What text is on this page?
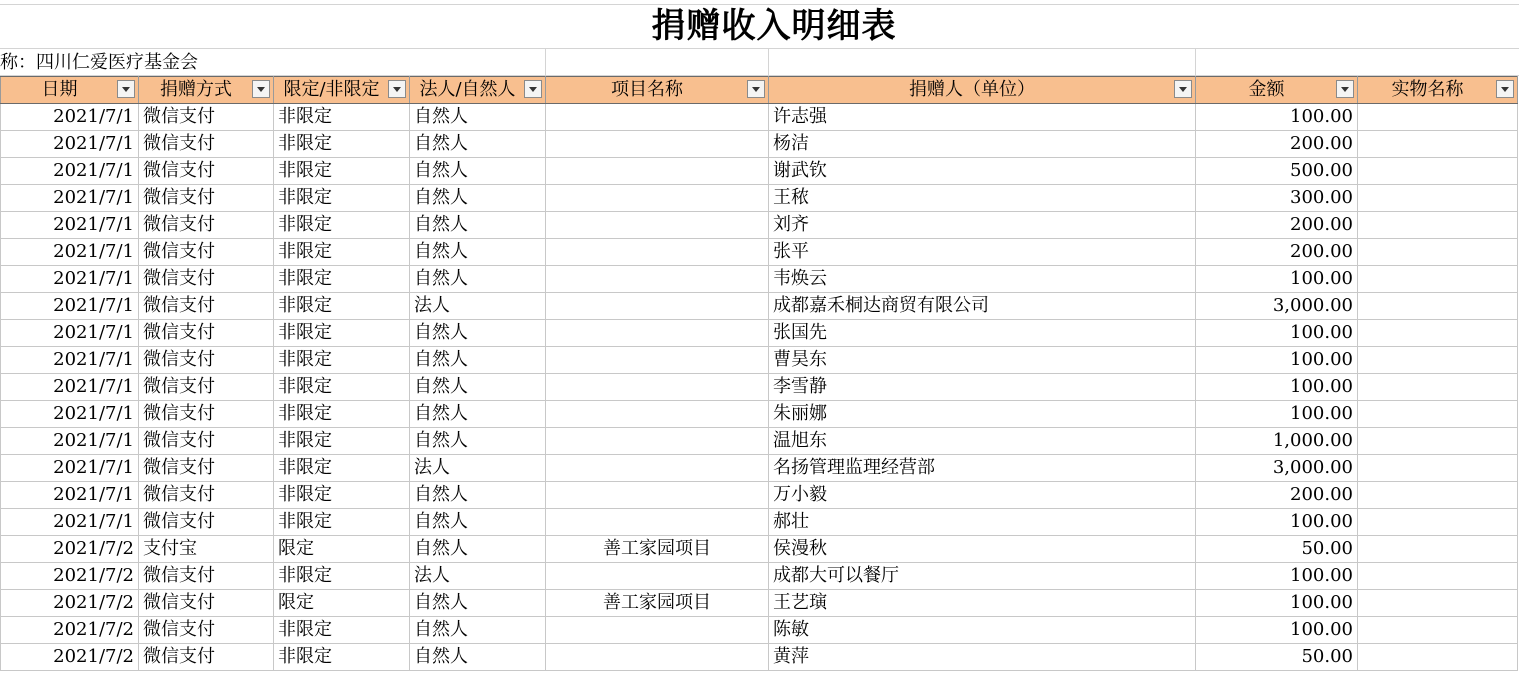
捐赠收入明细表
称：四川仁爱医疗基金会
日期	捐赠方式	限定/非限定	法人/自然人	项目名称	捐赠人（单位）	金额	实物名称

2021/7/1	微信支付	非限定	自然人		许志强	100.00	
2021/7/1	微信支付	非限定	自然人		杨洁	200.00	
2021/7/1	微信支付	非限定	自然人		谢武钦	500.00	
2021/7/1	微信支付	非限定	自然人		王秾	300.00	
2021/7/1	微信支付	非限定	自然人		刘齐	200.00	
2021/7/1	微信支付	非限定	自然人		张平	200.00	
2021/7/1	微信支付	非限定	自然人		韦焕云	100.00	
2021/7/1	微信支付	非限定	法人		成都嘉禾桐达商贸有限公司	3,000.00	
2021/7/1	微信支付	非限定	自然人		张国先	100.00	
2021/7/1	微信支付	非限定	自然人		曹昊东	100.00	
2021/7/1	微信支付	非限定	自然人		李雪静	100.00	
2021/7/1	微信支付	非限定	自然人		朱丽娜	100.00	
2021/7/1	微信支付	非限定	自然人		温旭东	1,000.00	
2021/7/1	微信支付	非限定	法人		名扬管理监理经营部	3,000.00	
2021/7/1	微信支付	非限定	自然人		万小毅	200.00	
2021/7/1	微信支付	非限定	自然人		郝壮	100.00	
2021/7/2	支付宝	限定	自然人	善工家园项目	侯漫秋	50.00	
2021/7/2	微信支付	非限定	法人		成都大可以餐厅	100.00	
2021/7/2	微信支付	限定	自然人	善工家园项目	王艺璌	100.00	
2021/7/2	微信支付	非限定	自然人		陈敏	100.00	
2021/7/2	微信支付	非限定	自然人		黄萍	50.00	
